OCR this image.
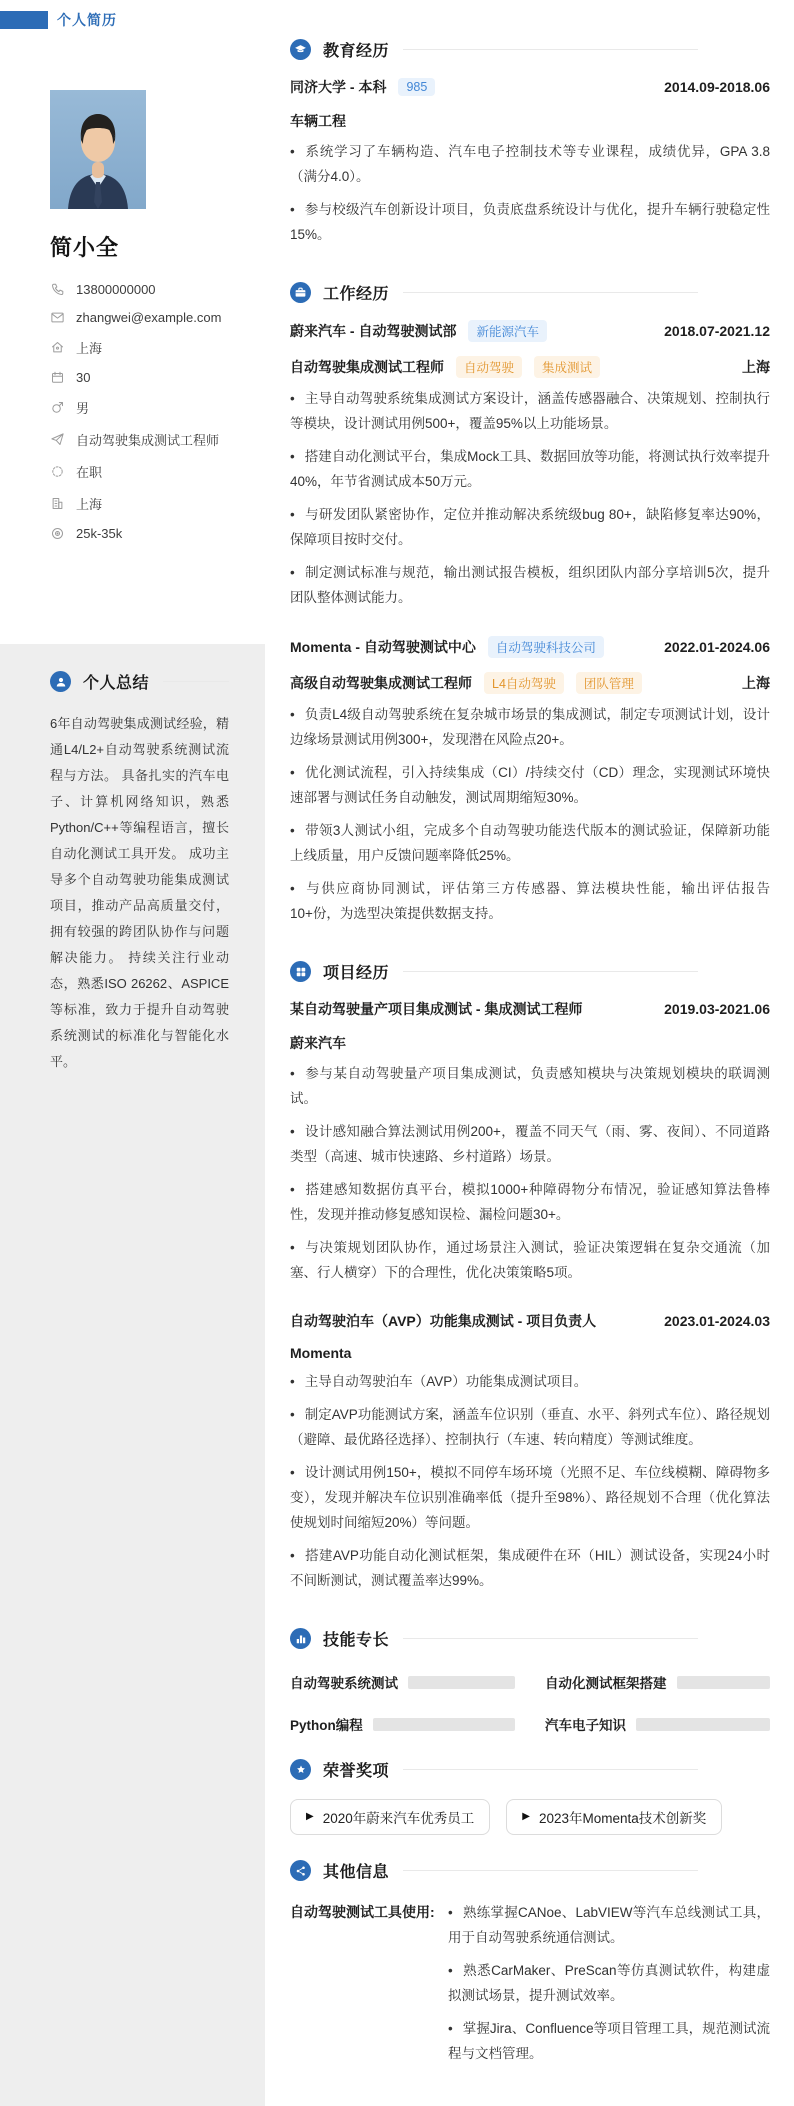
个人简历
简小全
13800000000
zhangwei@example.com
上海
30
男
自动驾驶集成测试工程师
在职
上海
25k-35k
个人总结
6年自动驾驶集成测试经验，精通L4/L2+自动驾驶系统测试流程与方法。 具备扎实的汽车电子、计算机网络知识，熟悉Python/C++等编程语言，擅长自动化测试工具开发。 成功主导多个自动驾驶功能集成测试项目，推动产品高质量交付，拥有较强的跨团队协作与问题解决能力。 持续关注行业动态，熟悉ISO 26262、ASPICE等标准，致力于提升自动驾驶系统测试的标准化与智能化水平。
教育经历
同济大学 - 本科	985	2014.09-2018.06
车辆工程
• 系统学习了车辆构造、汽车电子控制技术等专业课程，成绩优异，GPA 3.8（满分4.0）。
• 参与校级汽车创新设计项目，负责底盘系统设计与优化，提升车辆行驶稳定性15%。
工作经历
蔚来汽车 - 自动驾驶测试部	新能源汽车	2018.07-2021.12
自动驾驶集成测试工程师	自动驾驶	集成测试	上海
• 主导自动驾驶系统集成测试方案设计，涵盖传感器融合、决策规划、控制执行等模块，设计测试用例500+，覆盖95%以上功能场景。
• 搭建自动化测试平台，集成Mock工具、数据回放等功能，将测试执行效率提升40%，年节省测试成本50万元。
• 与研发团队紧密协作，定位并推动解决系统级bug 80+，缺陷修复率达90%，保障项目按时交付。
• 制定测试标准与规范，输出测试报告模板，组织团队内部分享培训5次，提升团队整体测试能力。
Momenta - 自动驾驶测试中心	自动驾驶科技公司	2022.01-2024.06
高级自动驾驶集成测试工程师	L4自动驾驶	团队管理	上海
• 负责L4级自动驾驶系统在复杂城市场景的集成测试，制定专项测试计划，设计边缘场景测试用例300+，发现潜在风险点20+。
• 优化测试流程，引入持续集成（CI）/持续交付（CD）理念，实现测试环境快速部署与测试任务自动触发，测试周期缩短30%。
• 带领3人测试小组，完成多个自动驾驶功能迭代版本的测试验证，保障新功能上线质量，用户反馈问题率降低25%。
• 与供应商协同测试，评估第三方传感器、算法模块性能，输出评估报告10+份，为选型决策提供数据支持。
项目经历
某自动驾驶量产项目集成测试 - 集成测试工程师	2019.03-2021.06
蔚来汽车
• 参与某自动驾驶量产项目集成测试，负责感知模块与决策规划模块的联调测试。
• 设计感知融合算法测试用例200+，覆盖不同天气（雨、雾、夜间）、不同道路类型（高速、城市快速路、乡村道路）场景。
• 搭建感知数据仿真平台，模拟1000+种障碍物分布情况，验证感知算法鲁棒性，发现并推动修复感知误检、漏检问题30+。
• 与决策规划团队协作，通过场景注入测试，验证决策逻辑在复杂交通流（加塞、行人横穿）下的合理性，优化决策策略5项。
自动驾驶泊车（AVP）功能集成测试 - 项目负责人	2023.01-2024.03
Momenta
• 主导自动驾驶泊车（AVP）功能集成测试项目。
• 制定AVP功能测试方案，涵盖车位识别（垂直、水平、斜列式车位）、路径规划（避障、最优路径选择）、控制执行（车速、转向精度）等测试维度。
• 设计测试用例150+，模拟不同停车场环境（光照不足、车位线模糊、障碍物多变），发现并解决车位识别准确率低（提升至98%）、路径规划不合理（优化算法使规划时间缩短20%）等问题。
• 搭建AVP功能自动化测试框架，集成硬件在环（HIL）测试设备，实现24小时不间断测试，测试覆盖率达99%。
技能专长
自动驾驶系统测试	自动化测试框架搭建
Python编程	汽车电子知识
荣誉奖项
▶ 2020年蔚来汽车优秀员工	▶ 2023年Momenta技术创新奖
其他信息
自动驾驶测试工具使用: • 熟练掌握CANoe、LabVIEW等汽车总线测试工具，用于自动驾驶系统通信测试。
• 熟悉CarMaker、PreScan等仿真测试软件，构建虚拟测试场景，提升测试效率。
• 掌握Jira、Confluence等项目管理工具，规范测试流程与文档管理。
